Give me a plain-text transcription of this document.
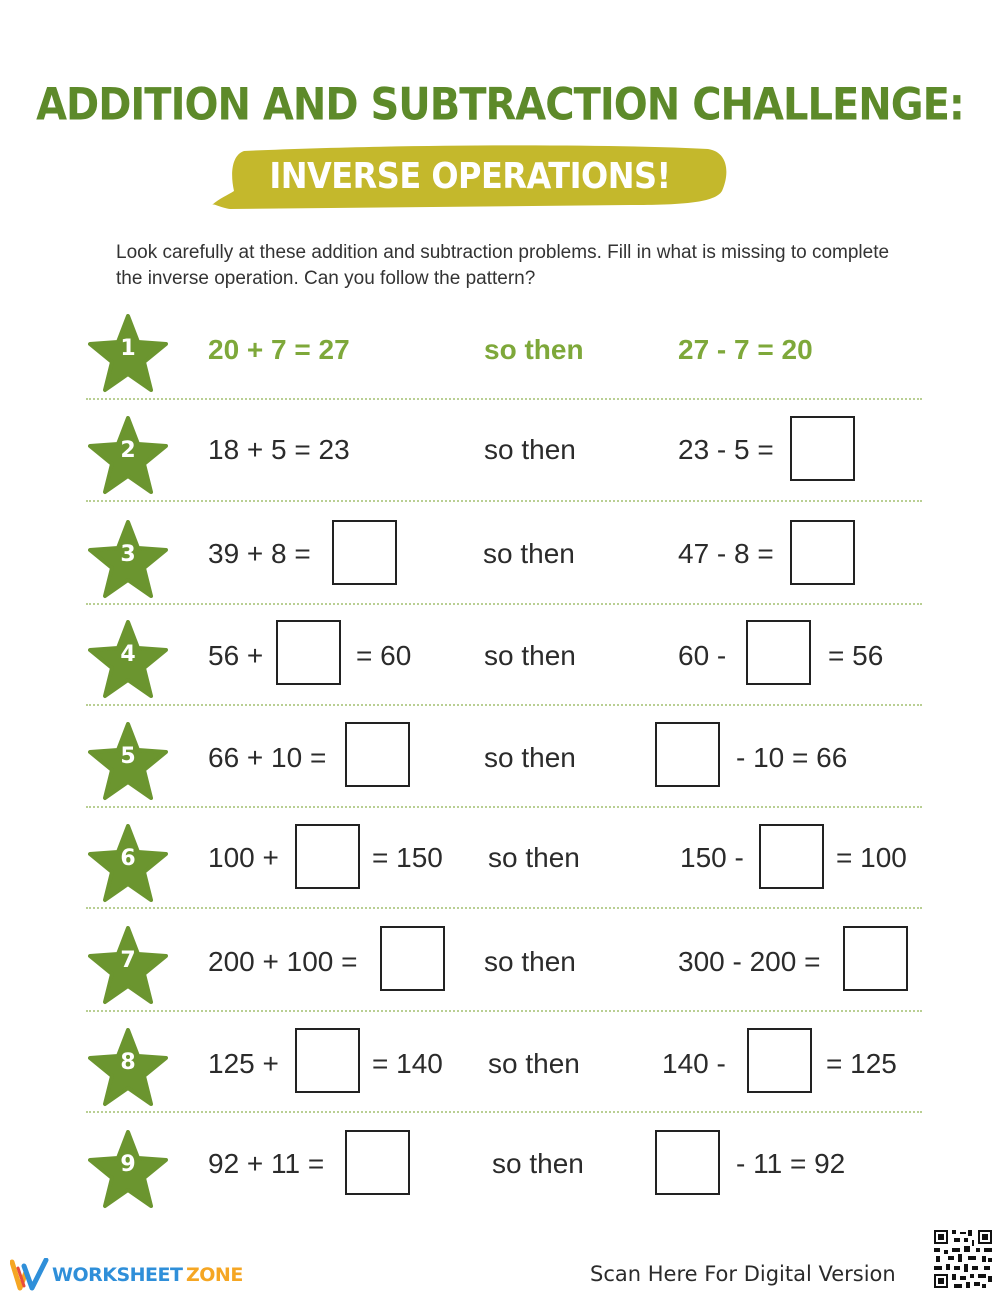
ADDITION AND SUBTRACTION CHALLENGE:
INVERSE OPERATIONS!

Look carefully at these addition and subtraction problems. Fill in what is missing to complete the inverse operation. Can you follow the pattern?

1	20 + 7 = 27	so then	27 - 7 = 20
2	18 + 5 = 23	so then	23 - 5 =
3	39 + 8 =	so then	47 - 8 =
4	56 +	= 60	so then	60 -	= 56
5	66 + 10 =	so then	- 10 = 66
6	100 +	= 150 so then	150 -	= 100
7	200 + 100 =	so then	300 - 200 =
8	125 +	= 140 so then	140 -	= 125
9	92 + 11 =	so then	- 11 = 92
WORKSHEET ZONE	Scan Here For Digital Version
